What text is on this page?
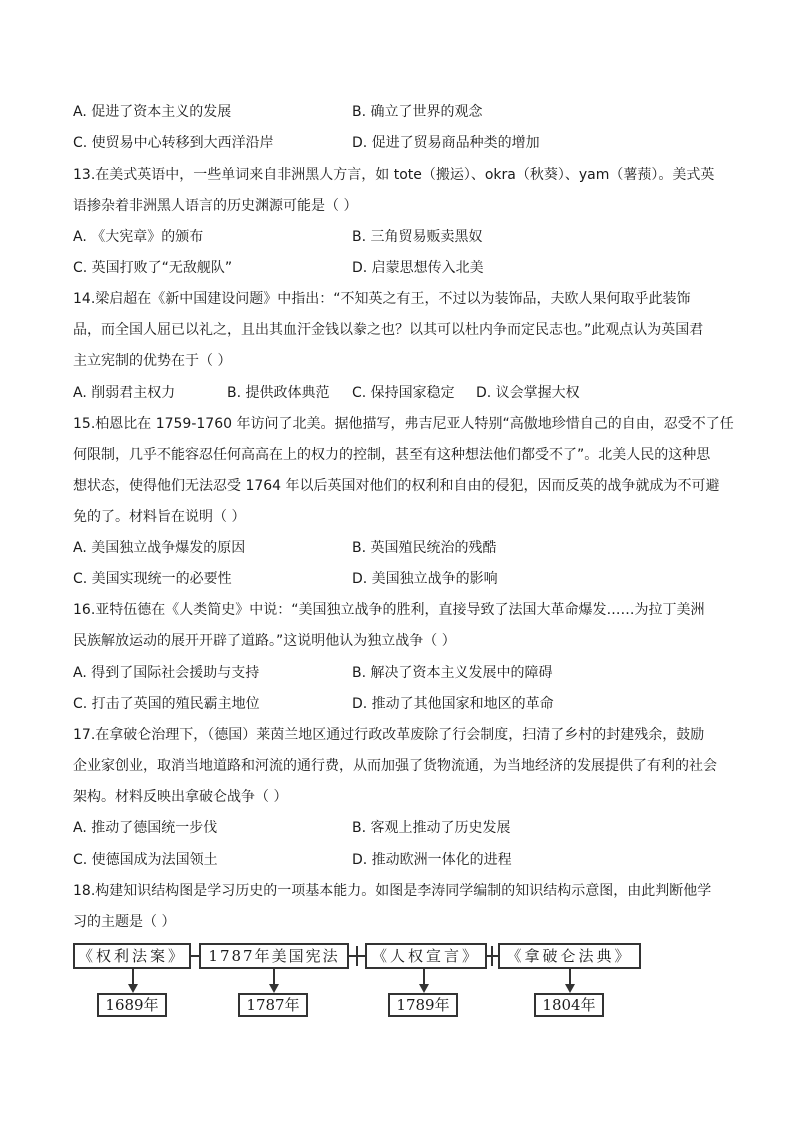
A. 促进了资本主义的发展	B. 确立了世界的观念
C. 使贸易中心转移到大西洋沿岸	D. 促进了贸易商品种类的增加
13.在美式英语中，一些单词来自非洲黑人方言，如 tote（搬运）、okra（秋葵）、yam（薯蓣）。美式英
语掺杂着非洲黑人语言的历史渊源可能是（ ）
A. 《大宪章》的颁布	B. 三角贸易贩卖黑奴
C. 英国打败了“无敌舰队”	D. 启蒙思想传入北美
14.梁启超在《新中国建设问题》中指出：“不知英之有王，不过以为装饰品，夫欧人果何取乎此装饰
品，而全国人屈已以礼之，且出其血汗金钱以豢之也？以其可以杜内争而定民志也。”此观点认为英国君
主立宪制的优势在于（ ）
A. 削弱君主权力	B. 提供政体典范 C. 保持国家稳定 D. 议会掌握大权
15.柏恩比在 1759-1760 年访问了北美。据他描写，弗吉尼亚人特别“高傲地珍惜自己的自由，忍受不了任
何限制，几乎不能容忍任何高高在上的权力的控制，甚至有这种想法他们都受不了”。北美人民的这种思
想状态，使得他们无法忍受 1764 年以后英国对他们的权利和自由的侵犯，因而反英的战争就成为不可避
免的了。材料旨在说明（ ）
A. 美国独立战争爆发的原因	B. 英国殖民统治的残酷
C. 美国实现统一的必要性	D. 美国独立战争的影响
16.亚特伍德在《人类简史》中说：“美国独立战争的胜利，直接导致了法国大革命爆发……为拉丁美洲
民族解放运动的展开开辟了道路。”这说明他认为独立战争（ ）
A. 得到了国际社会援助与支持	B. 解决了资本主义发展中的障碍
C. 打击了英国的殖民霸主地位	D. 推动了其他国家和地区的革命
17.在拿破仑治理下，（德国）莱茵兰地区通过行政改革废除了行会制度，扫清了乡村的封建残余，鼓励
企业家创业，取消当地道路和河流的通行费，从而加强了货物流通，为当地经济的发展提供了有利的社会
架构。材料反映出拿破仑战争（ ）
A. 推动了德国统一步伐	B. 客观上推动了历史发展
C. 使德国成为法国领土	D. 推动欧洲一体化的进程
18.构建知识结构图是学习历史的一项基本能力。如图是李涛同学编制的知识结构示意图，由此判断他学
习的主题是（ ）
《权利法案》	1787年美国宪法	《人权宣言》	《拿破仑法典》
1689年	1787年	1789年	1804年
